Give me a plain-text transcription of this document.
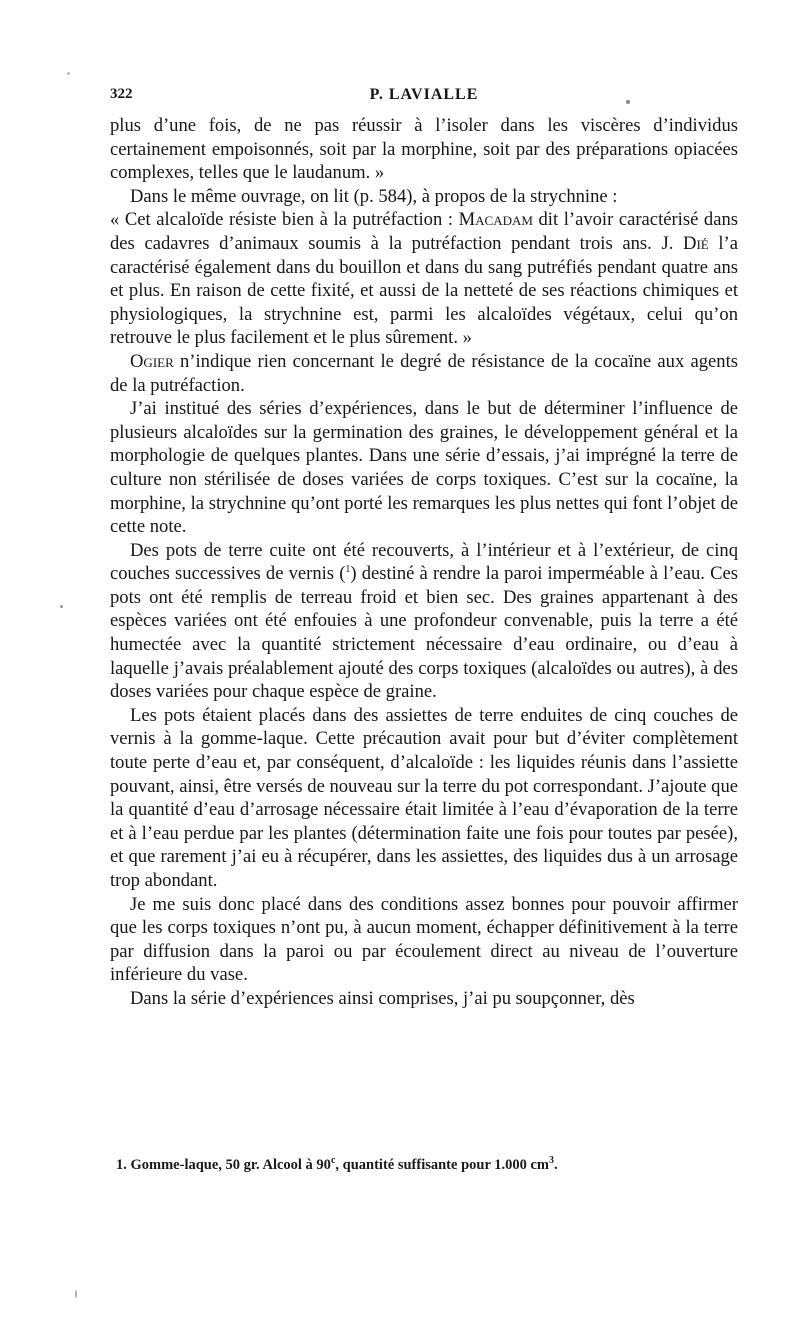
322	P. LAVIALLE

plus d’une fois, de ne pas réussir à l’isoler dans les viscères d’individus certainement empoisonnés, soit par la morphine, soit par des préparations opiacées complexes, telles que le laudanum. »

Dans le même ouvrage, on lit (p. 584), à propos de la strychnine :

« Cet alcaloïde résiste bien à la putréfaction : Macadam dit l’avoir caractérisé dans des cadavres d’animaux soumis à la putréfaction pendant trois ans. J. Dié l’a caractérisé également dans du bouillon et dans du sang putréfiés pendant quatre ans et plus. En raison de cette fixité, et aussi de la netteté de ses réactions chimiques et physiologiques, la strychnine est, parmi les alcaloïdes végétaux, celui qu’on retrouve le plus facilement et le plus sûrement. »

Ogier n’indique rien concernant le degré de résistance de la cocaïne aux agents de la putréfaction.

J’ai institué des séries d’expériences, dans le but de déterminer l’influence de plusieurs alcaloïdes sur la germination des graines, le développement général et la morphologie de quelques plantes. Dans une série d’essais, j’ai imprégné la terre de culture non stérilisée de doses variées de corps toxiques. C’est sur la cocaïne, la morphine, la strychnine qu’ont porté les remarques les plus nettes qui font l’objet de cette note.

Des pots de terre cuite ont été recouverts, à l’intérieur et à l’extérieur, de cinq couches successives de vernis ($^1$) destiné à rendre la paroi imperméable à l’eau. Ces pots ont été remplis de terreau froid et bien sec. Des graines appartenant à des espèces variées ont été enfouies à une profondeur convenable, puis la terre a été humectée avec la quantité strictement nécessaire d’eau ordinaire, ou d’eau à laquelle j’avais préalablement ajouté des corps toxiques (alcaloïdes ou autres), à des doses variées pour chaque espèce de graine.

Les pots étaient placés dans des assiettes de terre enduites de cinq couches de vernis à la gomme-laque. Cette précaution avait pour but d’éviter complètement toute perte d’eau et, par conséquent, d’alcaloïde : les liquides réunis dans l’assiette pouvant, ainsi, être versés de nouveau sur la terre du pot correspondant. J’ajoute que la quantité d’eau d’arrosage nécessaire était limitée à l’eau d’évaporation de la terre et à l’eau perdue par les plantes (détermination faite une fois pour toutes par pesée), et que rarement j’ai eu à récupérer, dans les assiettes, des liquides dus à un arrosage trop abondant.

Je me suis donc placé dans des conditions assez bonnes pour pouvoir affirmer que les corps toxiques n’ont pu, à aucun moment, échapper définitivement à la terre par diffusion dans la paroi ou par écoulement direct au niveau de l’ouverture inférieure du vase.

Dans la série d’expériences ainsi comprises, j’ai pu soupçonner, dès

1. Gomme-laque, 50 gr. Alcool à 90$^c$, quantité suffisante pour 1.000 $cm^3$.
